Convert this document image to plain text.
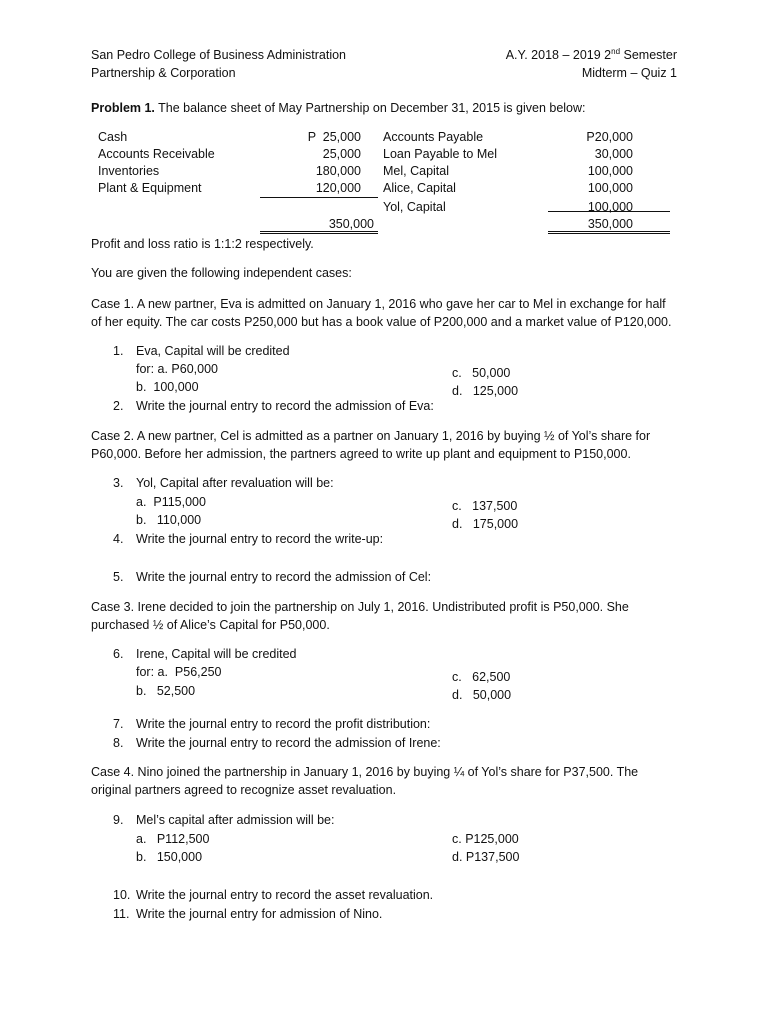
San Pedro College of Business Administration
Partnership & Corporation
A.Y. 2018 – 2019 2nd Semester
Midterm – Quiz 1
Problem 1. The balance sheet of May Partnership on December 31, 2015 is given below:
Cash
Accounts Receivable
Inventories
Plant & Equipment
P  25,000
25,000
180,000
120,000
Accounts Payable
Loan Payable to Mel
Mel, Capital
Alice, Capital
Yol, Capital
P20,000
30,000
100,000
100,000
100,000
350,000	350,000
Profit and loss ratio is 1:1:2 respectively.
You are given the following independent cases:
Case 1. A new partner, Eva is admitted on January 1, 2016 who gave her car to Mel in exchange for half
of her equity. The car costs P250,000 but has a book value of P200,000 and a market value of P120,000.
1. Eva, Capital will be credited
for: a. P60,000
b.  100,000
c.   50,000
d.   125,000
2. Write the journal entry to record the admission of Eva:
Case 2. A new partner, Cel is admitted as a partner on January 1, 2016 by buying ½ of Yol’s share for
P60,000. Before her admission, the partners agreed to write up plant and equipment to P150,000.
3. Yol, Capital after revaluation will be:
a.  P115,000
b.   110,000
c.   137,500
d.   175,000
4. Write the journal entry to record the write-up:
5. Write the journal entry to record the admission of Cel:
Case 3. Irene decided to join the partnership on July 1, 2016. Undistributed profit is P50,000. She
purchased ½ of Alice’s Capital for P50,000.
6. Irene, Capital will be credited
for: a.  P56,250
b.   52,500
c.   62,500
d.   50,000
7. Write the journal entry to record the profit distribution:
8. Write the journal entry to record the admission of Irene:
Case 4. Nino joined the partnership in January 1, 2016 by buying ¼ of Yol’s share for P37,500. The
original partners agreed to recognize asset revaluation.
9. Mel’s capital after admission will be:
a.   P112,500
b.   150,000
c. P125,000
d. P137,500
10. Write the journal entry to record the asset revaluation.
11. Write the journal entry for admission of Nino.
